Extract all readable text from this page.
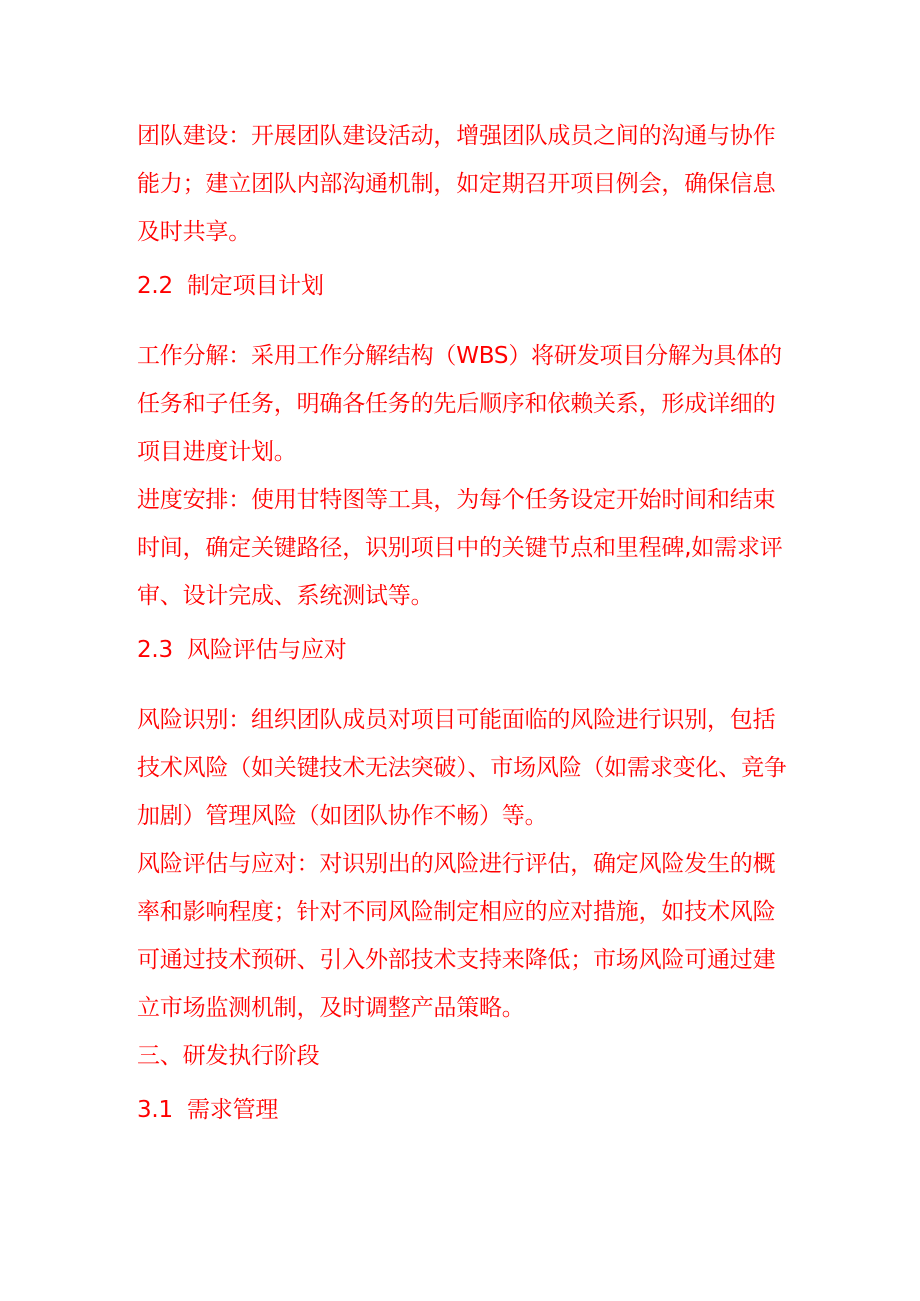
团队建设：开展团队建设活动，增强团队成员之间的沟通与协作能力；建立团队内部沟通机制，如定期召开项目例会，确保信息及时共享。

2.2 制定项目计划

工作分解：采用工作分解结构（WBS）将研发项目分解为具体的任务和子任务，明确各任务的先后顺序和依赖关系，形成详细的项目进度计划。

进度安排：使用甘特图等工具，为每个任务设定开始时间和结束时间，确定关键路径，识别项目中的关键节点和里程碑,如需求评审、设计完成、系统测试等。

2.3 风险评估与应对

风险识别：组织团队成员对项目可能面临的风险进行识别，包括技术风险（如关键技术无法突破）、市场风险（如需求变化、竞争加剧）管理风险（如团队协作不畅）等。

风险评估与应对：对识别出的风险进行评估，确定风险发生的概率和影响程度；针对不同风险制定相应的应对措施，如技术风险可通过技术预研、引入外部技术支持来降低；市场风险可通过建立市场监测机制，及时调整产品策略。

三、研发执行阶段

3.1 需求管理
